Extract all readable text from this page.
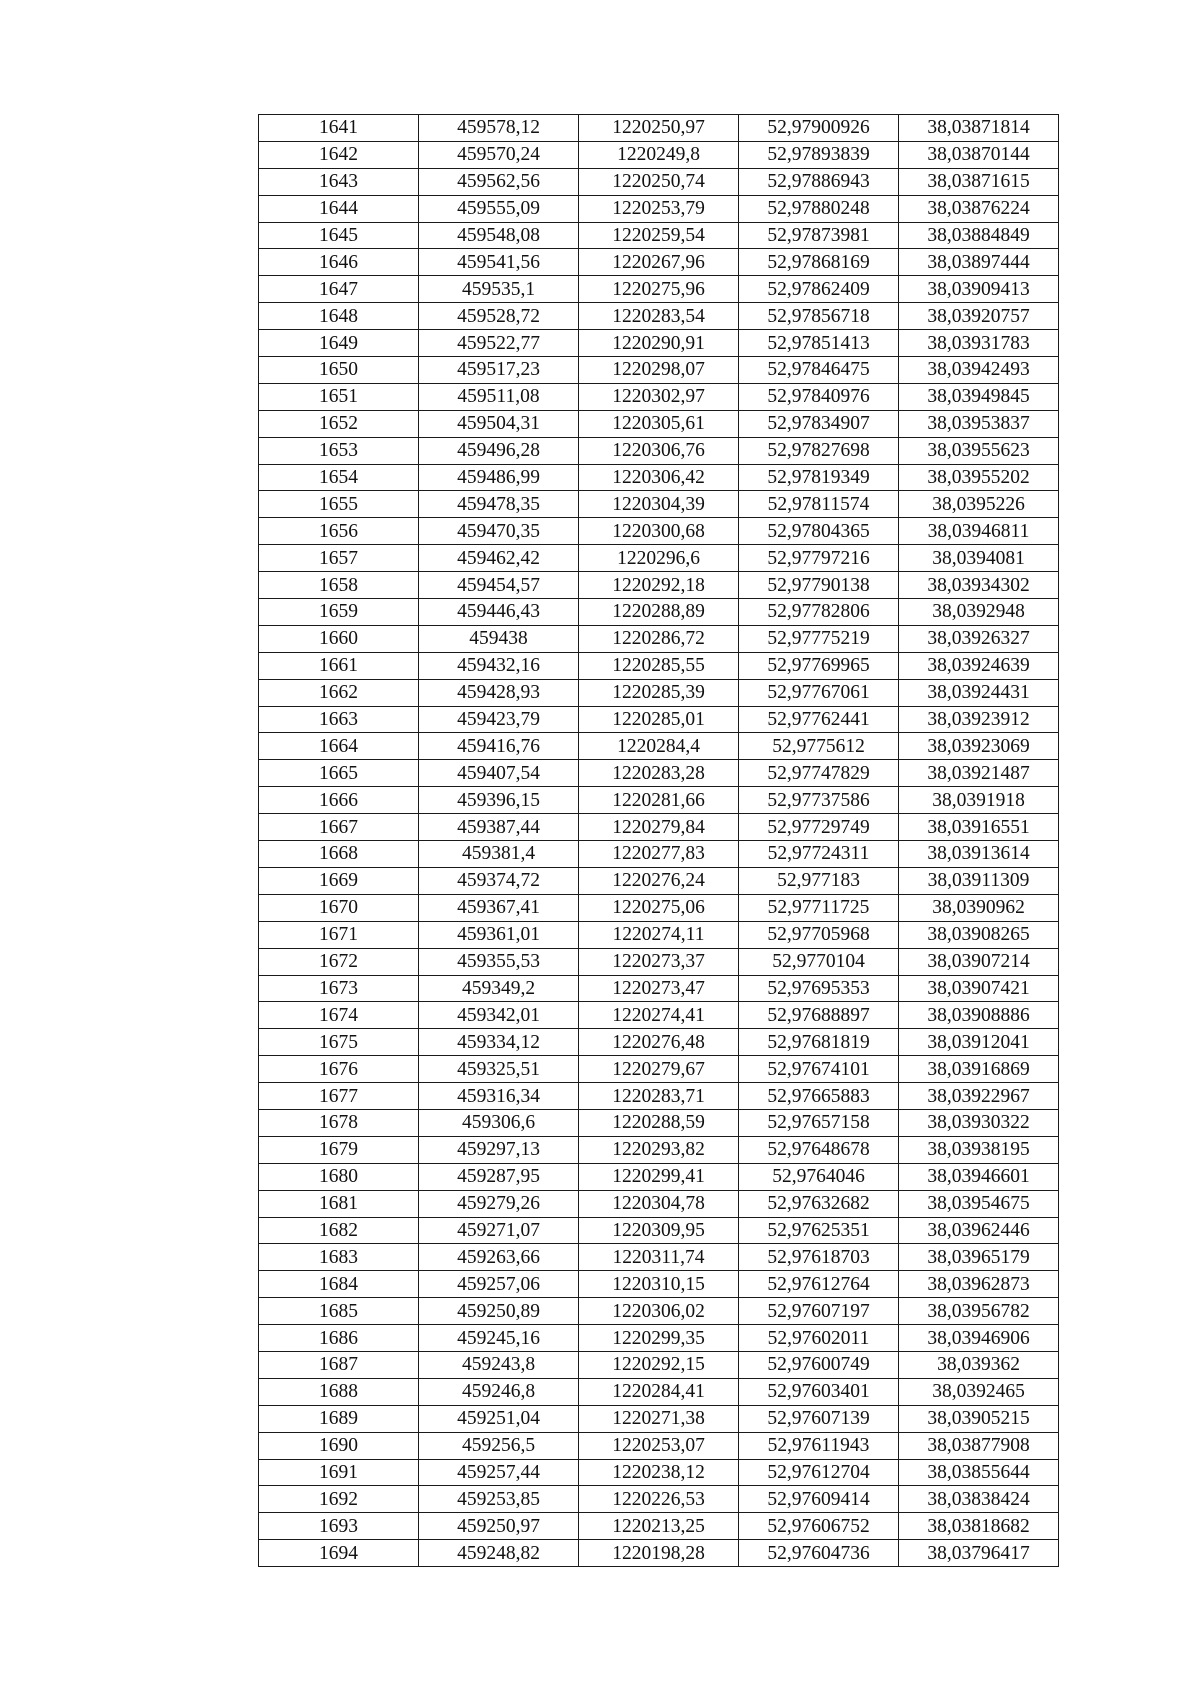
1641	459578,12	1220250,97	52,97900926	38,03871814
1642	459570,24	1220249,8	52,97893839	38,03870144
1643	459562,56	1220250,74	52,97886943	38,03871615
1644	459555,09	1220253,79	52,97880248	38,03876224
1645	459548,08	1220259,54	52,97873981	38,03884849
1646	459541,56	1220267,96	52,97868169	38,03897444
1647	459535,1	1220275,96	52,97862409	38,03909413
1648	459528,72	1220283,54	52,97856718	38,03920757
1649	459522,77	1220290,91	52,97851413	38,03931783
1650	459517,23	1220298,07	52,97846475	38,03942493
1651	459511,08	1220302,97	52,97840976	38,03949845
1652	459504,31	1220305,61	52,97834907	38,03953837
1653	459496,28	1220306,76	52,97827698	38,03955623
1654	459486,99	1220306,42	52,97819349	38,03955202
1655	459478,35	1220304,39	52,97811574	38,0395226
1656	459470,35	1220300,68	52,97804365	38,03946811
1657	459462,42	1220296,6	52,97797216	38,0394081
1658	459454,57	1220292,18	52,97790138	38,03934302
1659	459446,43	1220288,89	52,97782806	38,0392948
1660	459438	1220286,72	52,97775219	38,03926327
1661	459432,16	1220285,55	52,97769965	38,03924639
1662	459428,93	1220285,39	52,97767061	38,03924431
1663	459423,79	1220285,01	52,97762441	38,03923912
1664	459416,76	1220284,4	52,9775612	38,03923069
1665	459407,54	1220283,28	52,97747829	38,03921487
1666	459396,15	1220281,66	52,97737586	38,0391918
1667	459387,44	1220279,84	52,97729749	38,03916551
1668	459381,4	1220277,83	52,97724311	38,03913614
1669	459374,72	1220276,24	52,977183	38,03911309
1670	459367,41	1220275,06	52,97711725	38,0390962
1671	459361,01	1220274,11	52,97705968	38,03908265
1672	459355,53	1220273,37	52,9770104	38,03907214
1673	459349,2	1220273,47	52,97695353	38,03907421
1674	459342,01	1220274,41	52,97688897	38,03908886
1675	459334,12	1220276,48	52,97681819	38,03912041
1676	459325,51	1220279,67	52,97674101	38,03916869
1677	459316,34	1220283,71	52,97665883	38,03922967
1678	459306,6	1220288,59	52,97657158	38,03930322
1679	459297,13	1220293,82	52,97648678	38,03938195
1680	459287,95	1220299,41	52,9764046	38,03946601
1681	459279,26	1220304,78	52,97632682	38,03954675
1682	459271,07	1220309,95	52,97625351	38,03962446
1683	459263,66	1220311,74	52,97618703	38,03965179
1684	459257,06	1220310,15	52,97612764	38,03962873
1685	459250,89	1220306,02	52,97607197	38,03956782
1686	459245,16	1220299,35	52,97602011	38,03946906
1687	459243,8	1220292,15	52,97600749	38,039362
1688	459246,8	1220284,41	52,97603401	38,0392465
1689	459251,04	1220271,38	52,97607139	38,03905215
1690	459256,5	1220253,07	52,97611943	38,03877908
1691	459257,44	1220238,12	52,97612704	38,03855644
1692	459253,85	1220226,53	52,97609414	38,03838424
1693	459250,97	1220213,25	52,97606752	38,03818682
1694	459248,82	1220198,28	52,97604736	38,03796417
